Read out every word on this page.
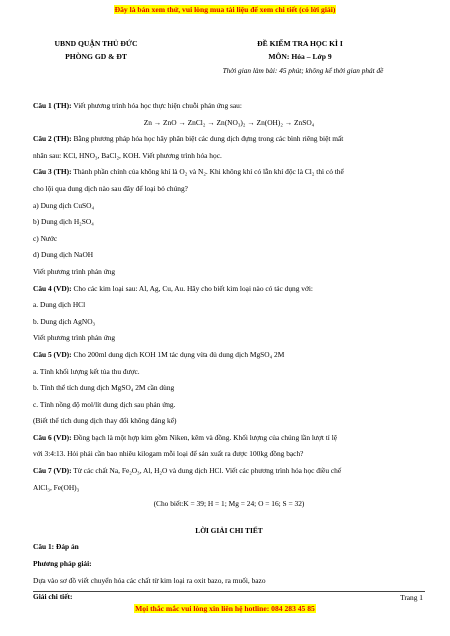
Đây là bản xem thử, vui lòng mua tài liệu để xem chi tiết (có lời giải)
UBND QUẬN THỦ ĐỨC
PHÒNG GD & ĐT
ĐỀ KIỂM TRA HỌC KÌ I
MÔN: Hóa – Lớp 9
Thời gian làm bài: 45 phút; không kể thời gian phát đề
Câu 1 (TH): Viết phương trình hóa học thực hiện chuỗi phản ứng sau:
Zn → ZnO → ZnCl₂ → Zn(NO₃)₂ → Zn(OH)₂ → ZnSO₄
Câu 2 (TH): Bằng phương pháp hóa học hãy phân biệt các dung dịch đựng trong các bình riêng biệt mất
nhãn sau: KCl, HNO₃, BaCl₂, KOH. Viết phương trình hóa học.
Câu 3 (TH): Thành phần chính của không khí là O₂ và N₂. Khi không khí có lẫn khí độc là Cl₂ thì có thể
cho lội qua dung dịch nào sau đây để loại bỏ chúng?
a) Dung dịch CuSO₄
b) Dung dịch H₂SO₄
c) Nước
d) Dung dịch NaOH
Viết phương trình phản ứng
Câu 4 (VD): Cho các kim loại sau: Al, Ag, Cu, Au. Hãy cho biết kim loại nào có tác dụng với:
a. Dung dịch HCl
b. Dung dịch AgNO₃
Viết phương trình phản ứng
Câu 5 (VD): Cho 200ml dung dịch KOH 1M tác dụng vừa đủ dung dịch MgSO₄ 2M
a. Tính khối lượng kết tủa thu được.
b. Tính thể tích dung dịch MgSO₄ 2M cần dùng
c. Tính nồng độ mol/lít dung dịch sau phản ứng.
(Biết thể tích dung dịch thay đổi không đáng kể)
Câu 6 (VD): Đồng bạch là một hợp kim gồm Niken, kẽm và đồng. Khối lượng của chúng lần lượt tỉ lệ
với 3:4:13. Hỏi phải cần bao nhiêu kilogam mỗi loại để sản xuất ra được 100kg đồng bạch?
Câu 7 (VD): Từ các chất Na, Fe₂O₃, Al, H₂O và dung dịch HCl. Viết các phương trình hóa học điều chế
AlCl₃, Fe(OH)₃
(Cho biết:K = 39; H = 1; Mg = 24; O = 16; S = 32)
LỜI GIẢI CHI TIẾT
Câu 1: Đáp án
Phương pháp giải:
Dựa vào sơ đồ viết chuyển hóa các chất từ kim loại ra oxit bazo, ra muối, bazo
Giải chi tiết:	Trang 1
Mọi thắc mắc vui lòng xin liên hệ hotline: 084 283 45 85
